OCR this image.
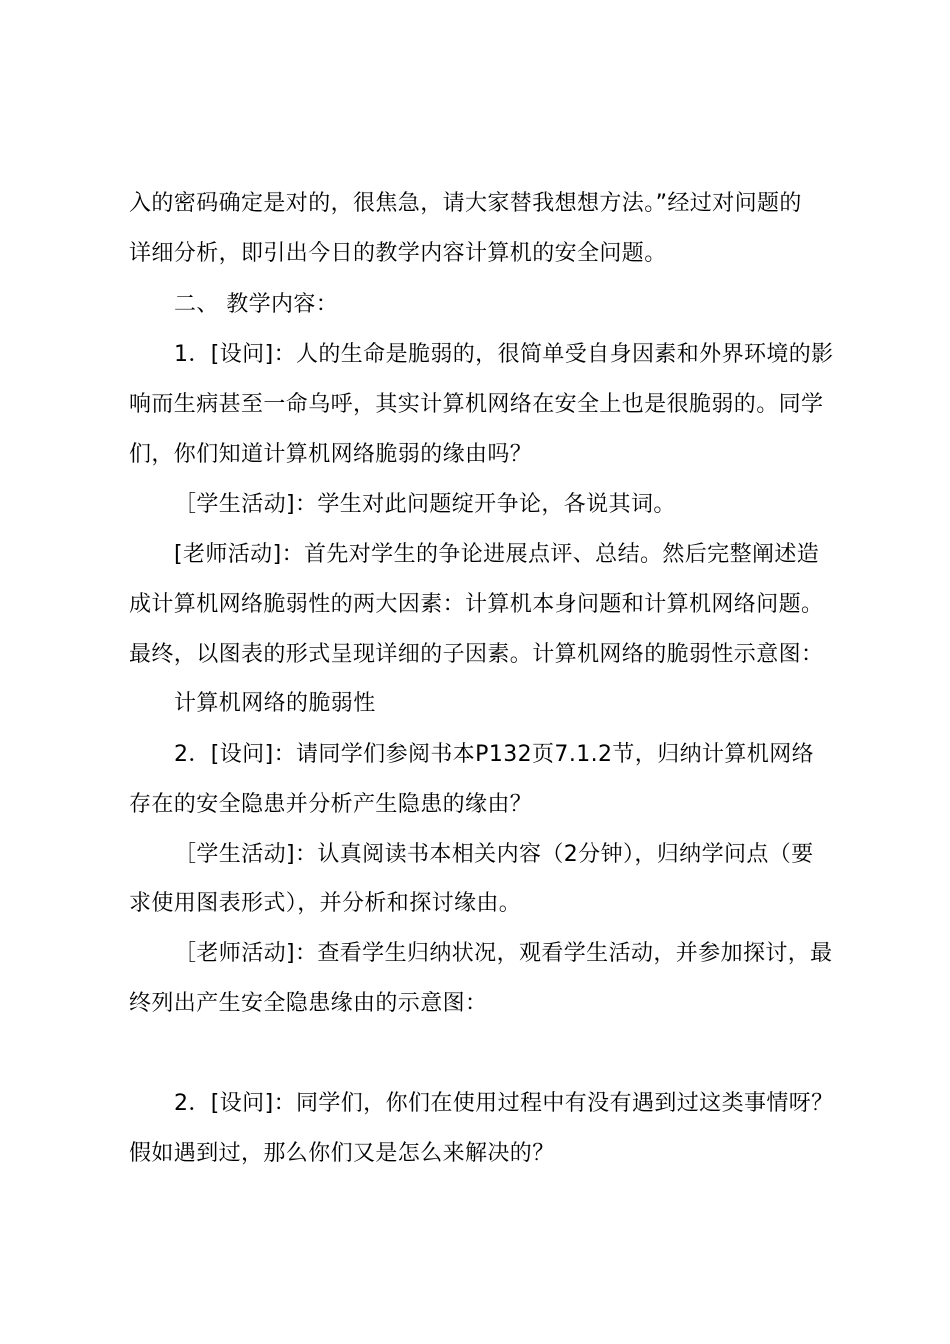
入的密码确定是对的，很焦急，请大家替我想想方法。”经过对问题的
详细分析，即引出今日的教学内容计算机的安全问题。
二、 教学内容：
1．[设问]：人的生命是脆弱的，很简单受自身因素和外界环境的影
响而生病甚至一命乌呼，其实计算机网络在安全上也是很脆弱的。同学
们，你们知道计算机网络脆弱的缘由吗？
［学生活动]：学生对此问题绽开争论，各说其词。
[老师活动]：首先对学生的争论进展点评、总结。然后完整阐述造
成计算机网络脆弱性的两大因素：计算机本身问题和计算机网络问题。
最终，以图表的形式呈现详细的子因素。计算机网络的脆弱性示意图：
计算机网络的脆弱性
2．[设问]：请同学们参阅书本P132页7.1.2节，归纳计算机网络
存在的安全隐患并分析产生隐患的缘由？
［学生活动]：认真阅读书本相关内容（2分钟），归纳学问点（要
求使用图表形式），并分析和探讨缘由。
［老师活动]：查看学生归纳状况，观看学生活动，并参加探讨，最
终列出产生安全隐患缘由的示意图：
2．[设问]：同学们，你们在使用过程中有没有遇到过这类事情呀？
假如遇到过，那么你们又是怎么来解决的？
